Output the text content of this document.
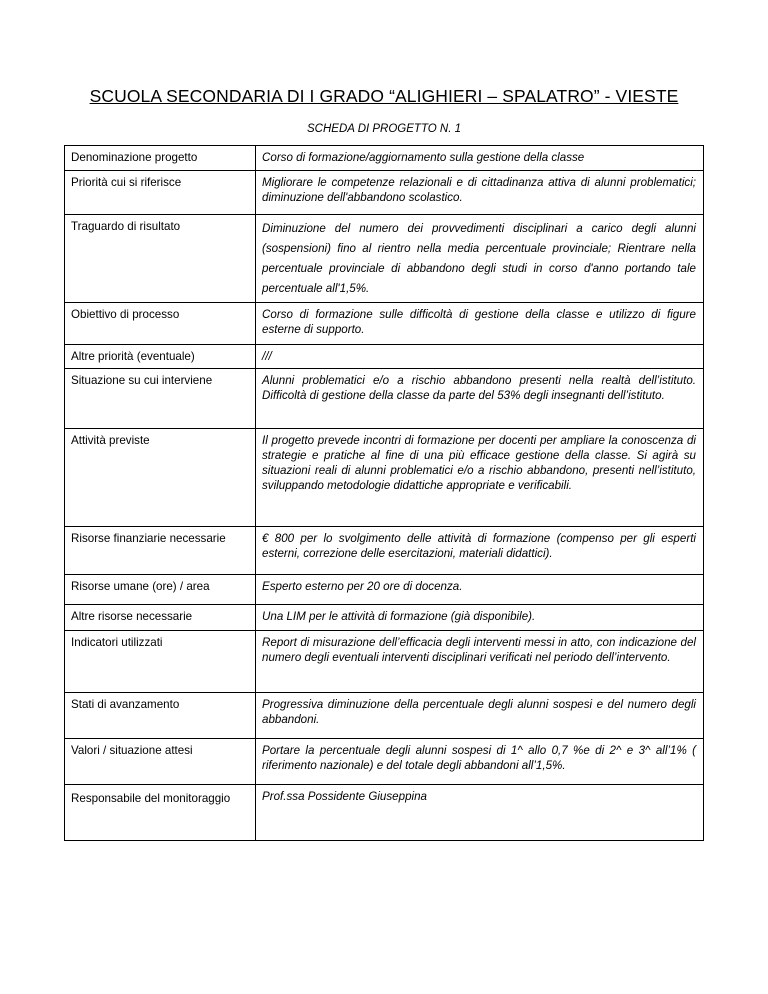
SCUOLA SECONDARIA DI I GRADO “ALIGHIERI – SPALATRO” - VIESTE
SCHEDA DI PROGETTO N. 1
Denominazione progetto	Corso di formazione/aggiornamento sulla gestione della classe
Priorità cui si riferisce	Migliorare le competenze relazionali e di cittadinanza attiva di alunni problematici; diminuzione dell'abbandono scolastico.
Traguardo di risultato	Diminuzione del numero dei provvedimenti disciplinari a carico degli alunni (sospensioni) fino al rientro nella media percentuale provinciale; Rientrare nella percentuale provinciale di abbandono degli studi in corso d'anno portando tale percentuale all'1,5%.
Obiettivo di processo	Corso di formazione sulle difficoltà di gestione della classe e utilizzo di figure esterne di supporto.
Altre priorità (eventuale)	///
Situazione su cui interviene	Alunni problematici e/o a rischio abbandono presenti nella realtà dell’istituto. Difficoltà di gestione della classe da parte del 53% degli insegnanti dell’istituto.
Attività previste	Il progetto prevede incontri di formazione per docenti per ampliare la conoscenza di strategie e pratiche al fine di una più efficace gestione della classe. Si agirà su situazioni reali di alunni problematici e/o a rischio abbandono, presenti nell’istituto, sviluppando metodologie didattiche appropriate e verificabili.
Risorse finanziarie necessarie	€ 800 per lo svolgimento delle attività di formazione (compenso per gli esperti esterni, correzione delle esercitazioni, materiali didattici).
Risorse umane (ore) / area	Esperto esterno per 20 ore di docenza.
Altre risorse necessarie	Una LIM per le attività di formazione (già disponibile).
Indicatori utilizzati	Report di misurazione dell’efficacia degli interventi messi in atto, con indicazione del numero degli eventuali interventi disciplinari verificati nel periodo dell’intervento.
Stati di avanzamento	Progressiva diminuzione della percentuale degli alunni sospesi e del numero degli abbandoni.
Valori / situazione attesi	Portare la percentuale degli alunni sospesi di 1^ allo 0,7 %e di 2^ e 3^ all’1% ( riferimento nazionale) e del totale degli abbandoni all’1,5%.
Responsabile del monitoraggio	Prof.ssa Possidente Giuseppina
